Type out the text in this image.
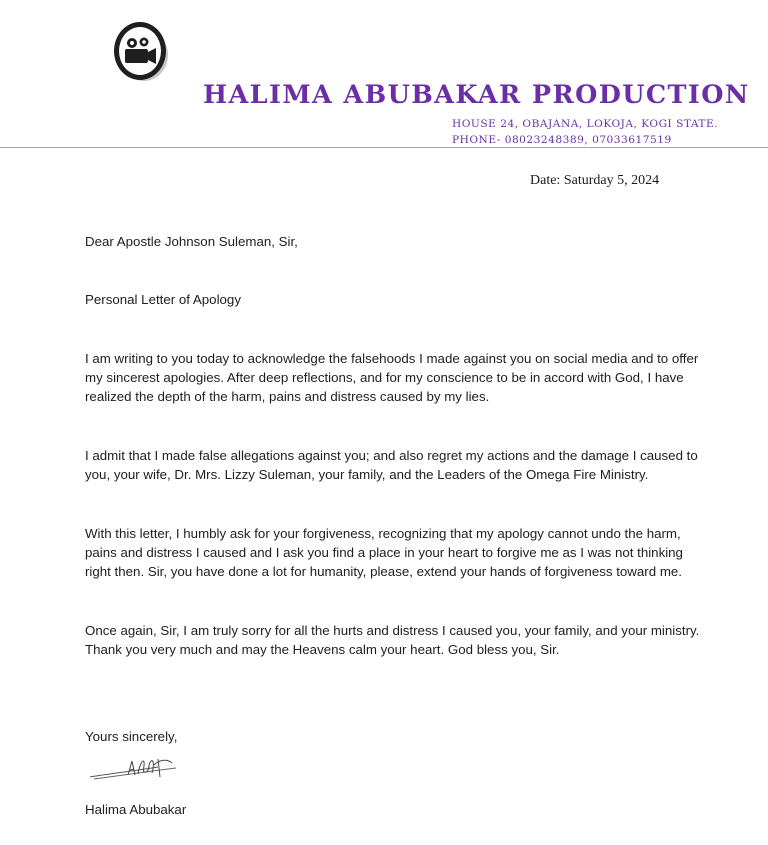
HALIMA ABUBAKAR PRODUCTION
HOUSE 24, OBAJANA, LOKOJA, KOGI STATE.
PHONE- 08023248389, 07033617519
Date: Saturday 5, 2024

Dear Apostle Johnson Suleman, Sir,

Personal Letter of Apology

I am writing to you today to acknowledge the falsehoods I made against you on social media and to offer my sincerest apologies. After deep reflections, and for my conscience to be in accord with God, I have realized the depth of the harm, pains and distress caused by my lies.

I admit that I made false allegations against you; and also regret my actions and the damage I caused to you, your wife, Dr. Mrs. Lizzy Suleman, your family, and the Leaders of the Omega Fire Ministry.

With this letter, I humbly ask for your forgiveness, recognizing that my apology cannot undo the harm, pains and distress I caused and I ask you find a place in your heart to forgive me as I was not thinking right then. Sir, you have done a lot for humanity, please, extend your hands of forgiveness toward me.

Once again, Sir, I am truly sorry for all the hurts and distress I caused you, your family, and your ministry. Thank you very much and may the Heavens calm your heart. God bless you, Sir.

Yours sincerely,

Halima Abubakar
